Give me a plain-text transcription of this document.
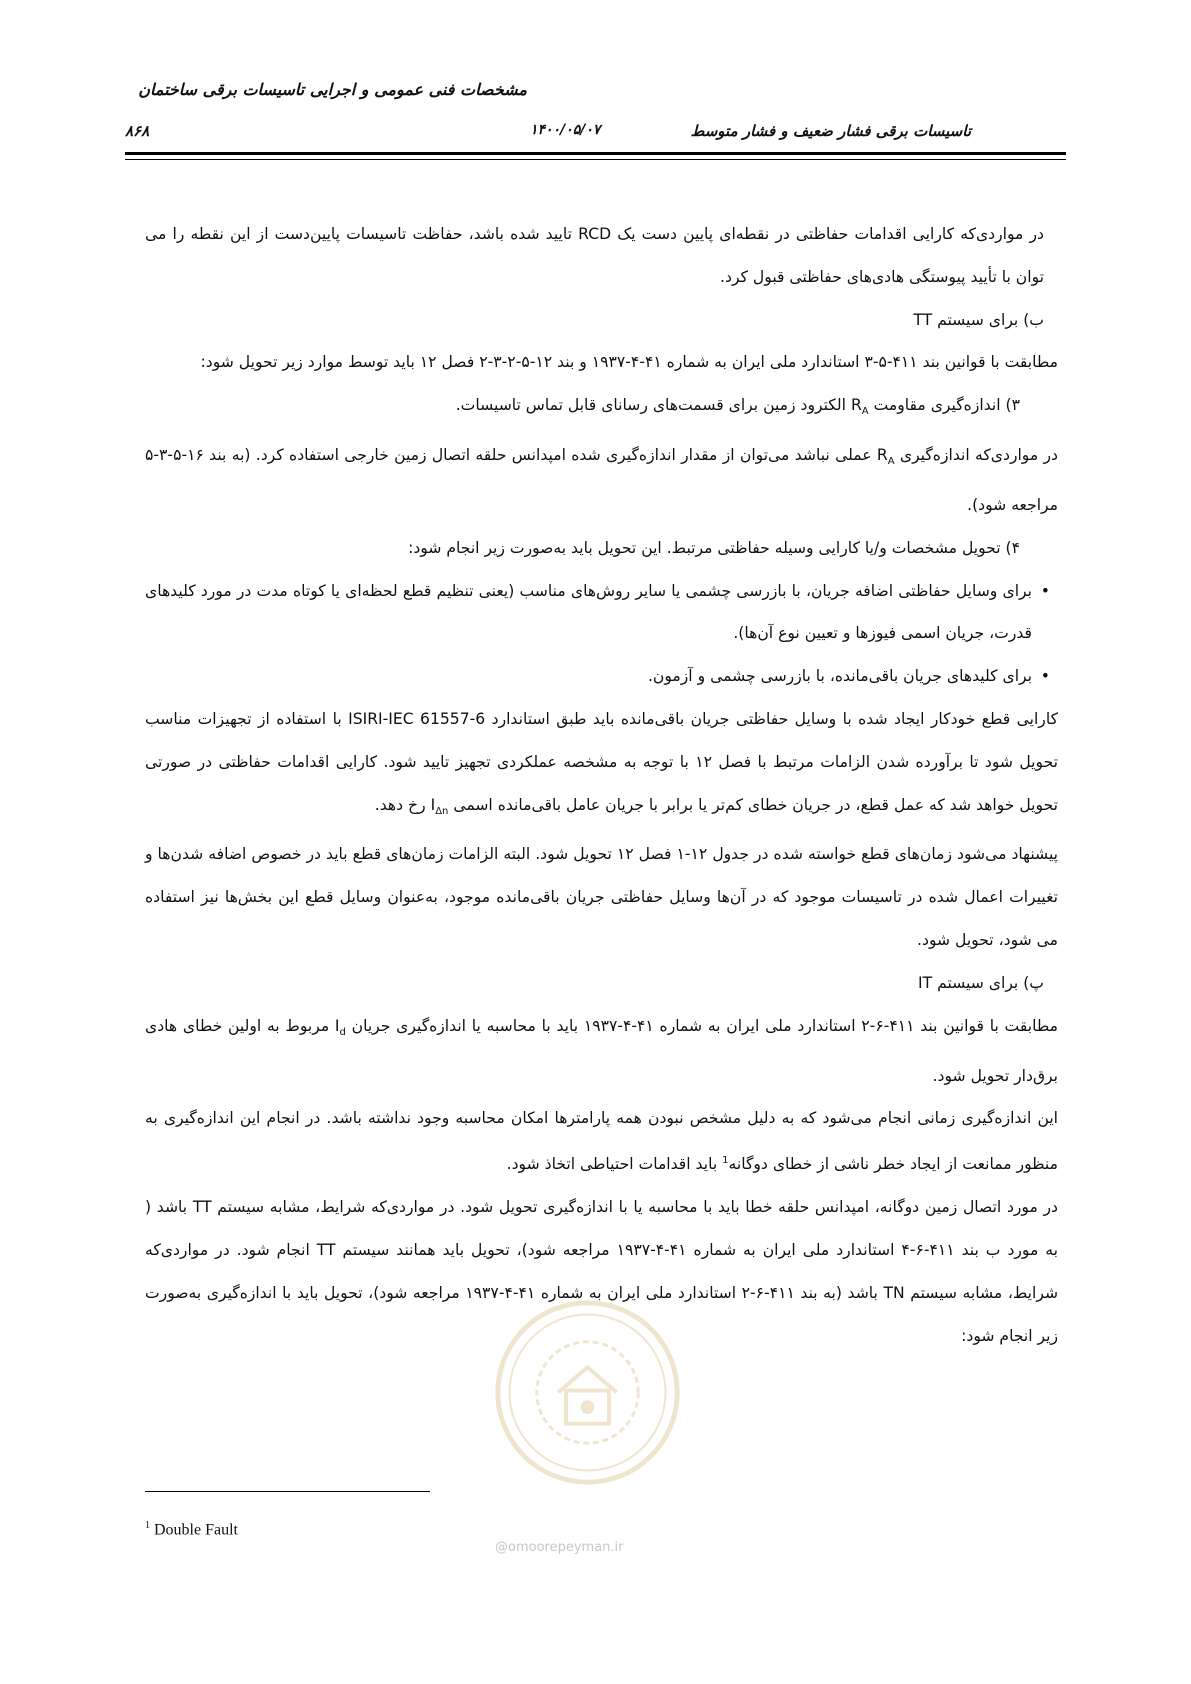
مشخصات فنی عمومی و اجرایی تاسیسات برقی ساختمان
۸۶۸	۱۴۰۰/۰۵/۰۷	تاسیسات برقی فشار ضعیف و فشار متوسط

در مواردی‌که کارایی اقدامات حفاظتی در نقطه‌ای پایین دست یک RCD تایید شده باشد، حفاظت تاسیسات پایین‌دست از این نقطه را می توان با تأیید پیوستگی هادی‌های حفاظتی قبول کرد.

ب) برای سیستم TT

مطابقت با قوانین بند ۴۱۱-۵-۳ استاندارد ملی ایران به شماره ۴۱-۴-۱۹۳۷ و بند ۱۲-۵-۲-۳-۲ فصل ۱۲ باید توسط موارد زیر تحویل شود:

۳) اندازه‌گیری مقاومت $R_A$ الکترود زمین برای قسمت‌های رسانای قابل تماس تاسیسات.

در مواردی‌که اندازه‌گیری $R_A$ عملی نباشد می‌توان از مقدار اندازه‌گیری شده امپدانس حلقه اتصال زمین خارجی استفاده کرد. (به بند ۱۶-۵-۳-۵ مراجعه شود).

۴) تحویل مشخصات و/یا کارایی وسیله حفاظتی مرتبط. این تحویل باید به‌صورت زیر انجام شود:

•
برای وسایل حفاظتی اضافه جریان، با بازرسی چشمی یا سایر روش‌های مناسب (یعنی تنظیم قطع لحظه‌ای یا کوتاه مدت در مورد کلیدهای قدرت، جریان اسمی فیوزها و تعیین نوع آن‌ها).
•
برای کلیدهای جریان باقی‌مانده، با بازرسی چشمی و آزمون.

کارایی قطع خودکار ایجاد شده با وسایل حفاظتی جریان باقی‌مانده باید طبق استاندارد ISIRI-IEC 61557-6 با استفاده از تجهیزات مناسب تحویل شود تا برآورده شدن الزامات مرتبط با فصل ۱۲ با توجه به مشخصه عملکردی تجهیز تایید شود. کارایی اقدامات حفاظتی در صورتی تحویل خواهد شد که عمل قطع، در جریان خطای کم‌تر یا برابر با جریان عامل باقی‌مانده اسمی $I_{\Delta n}$ رخ دهد.

پیشنهاد می‌شود زمان‌های قطع خواسته شده در جدول ۱۲-۱ فصل ۱۲ تحویل شود. البته الزامات زمان‌های قطع باید در خصوص اضافه شدن‌ها و تغییرات اعمال شده در تاسیسات موجود که در آن‌ها وسایل حفاظتی جریان باقی‌مانده موجود، به‌عنوان وسایل قطع این بخش‌ها نیز استفاده می شود، تحویل شود.

پ) برای سیستم IT

مطابقت با قوانین بند ۴۱۱-۶-۲ استاندارد ملی ایران به شماره ۴۱-۴-۱۹۳۷ باید با محاسبه یا اندازه‌گیری جریان $I_d$ مربوط به اولین خطای هادی برق‌دار تحویل شود.

این اندازه‌گیری زمانی انجام می‌شود که به دلیل مشخص نبودن همه پارامترها امکان محاسبه وجود نداشته باشد. در انجام این اندازه‌گیری به منظور ممانعت از ایجاد خطر ناشی از خطای دوگانه$^1$ باید اقدامات احتیاطی اتخاذ شود.

در مورد اتصال زمین دوگانه، امپدانس حلقه خطا باید با محاسبه یا با اندازه‌گیری تحویل شود. در مواردی‌که شرایط، مشابه سیستم TT باشد ( به مورد ب بند ۴۱۱-۶-۴ استاندارد ملی ایران به شماره ۴۱-۴-۱۹۳۷ مراجعه شود)، تحویل باید همانند سیستم TT انجام شود. در مواردی‌که شرایط، مشابه سیستم TN باشد (به بند ۴۱۱-۶-۲ استاندارد ملی ایران به شماره ۴۱-۴-۱۹۳۷ مراجعه شود)، تحویل باید با اندازه‌گیری به‌صورت زیر انجام شود:

@omoorepeyman.ir
$^1$ Double Fault
